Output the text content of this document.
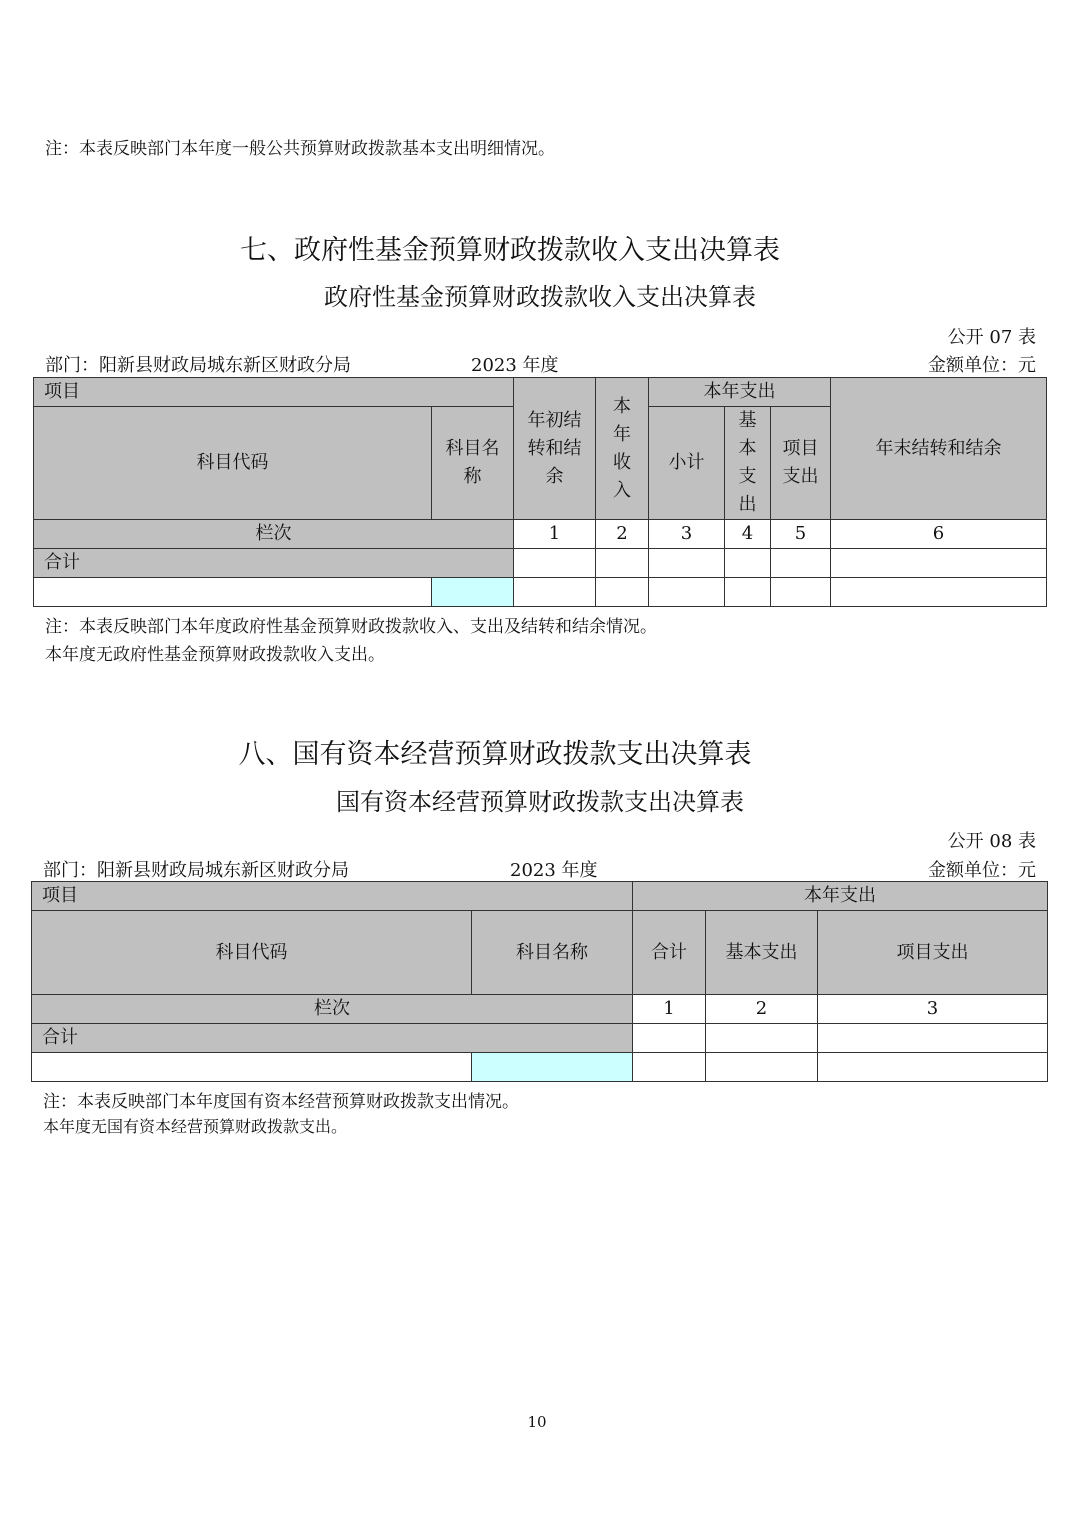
注：本表反映部门本年度一般公共预算财政拨款基本支出明细情况。
七、政府性基金预算财政拨款收入支出决算表
政府性基金预算财政拨款收入支出决算表
公开 07 表
部门：阳新县财政局城东新区财政分局	2023 年度	金额单位：元
项目		年初结转和结余	本年收入	本年支出			年末结转和结余
科目代码	科目名称			小计	基本支出	项目支出	

栏次		1	2	3	4	5	6
合计							

注：本表反映部门本年度政府性基金预算财政拨款收入、支出及结转和结余情况。
本年度无政府性基金预算财政拨款收入支出。
八、国有资本经营预算财政拨款支出决算表
国有资本经营预算财政拨款支出决算表
公开 08 表
部门：阳新县财政局城东新区财政分局	2023 年度	金额单位：元
项目		本年支出		
科目代码	科目名称	合计	基本支出	项目支出
栏次		1	2	3
合计				

注：本表反映部门本年度国有资本经营预算财政拨款支出情况。
本年度无国有资本经营预算财政拨款支出。
10
